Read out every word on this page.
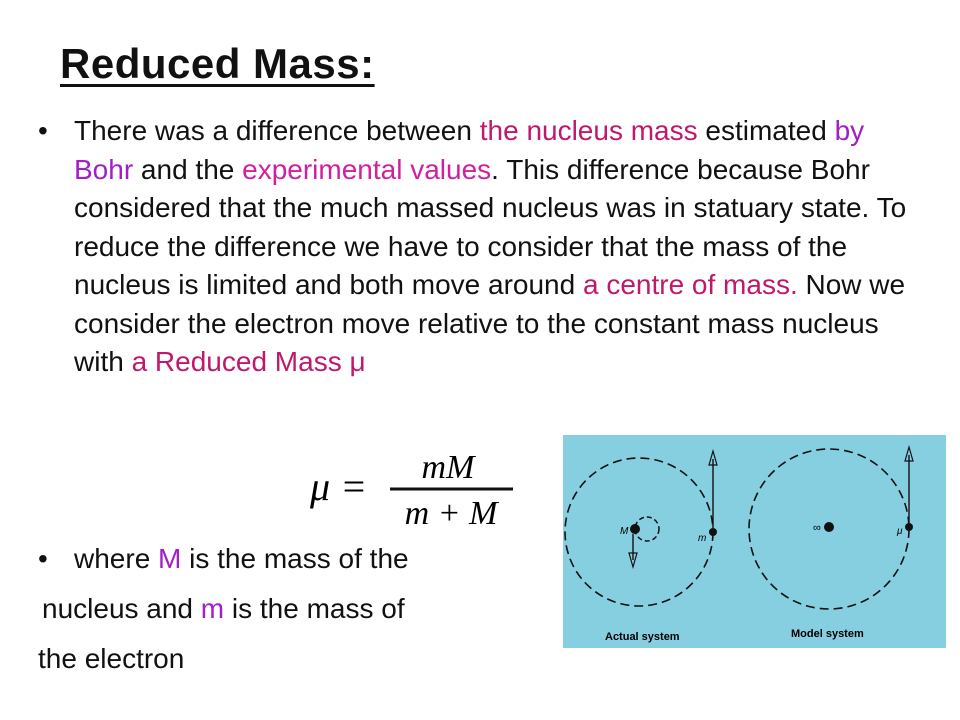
Reduced Mass:
•
There was a difference between the nucleus mass estimated by Bohr and the experimental values. This difference because Bohr considered that the much massed nucleus was in statuary state. To reduce the difference we have to consider that the mass of the nucleus is limited and both move around a centre of mass. Now we consider the electron move relative to the constant mass nucleus with a Reduced Mass μ
μ = mM
m + M
•
where M is the mass of the
nucleus and m is the mass of
the electron
M
m
Actual system
∞	μ
Model system
